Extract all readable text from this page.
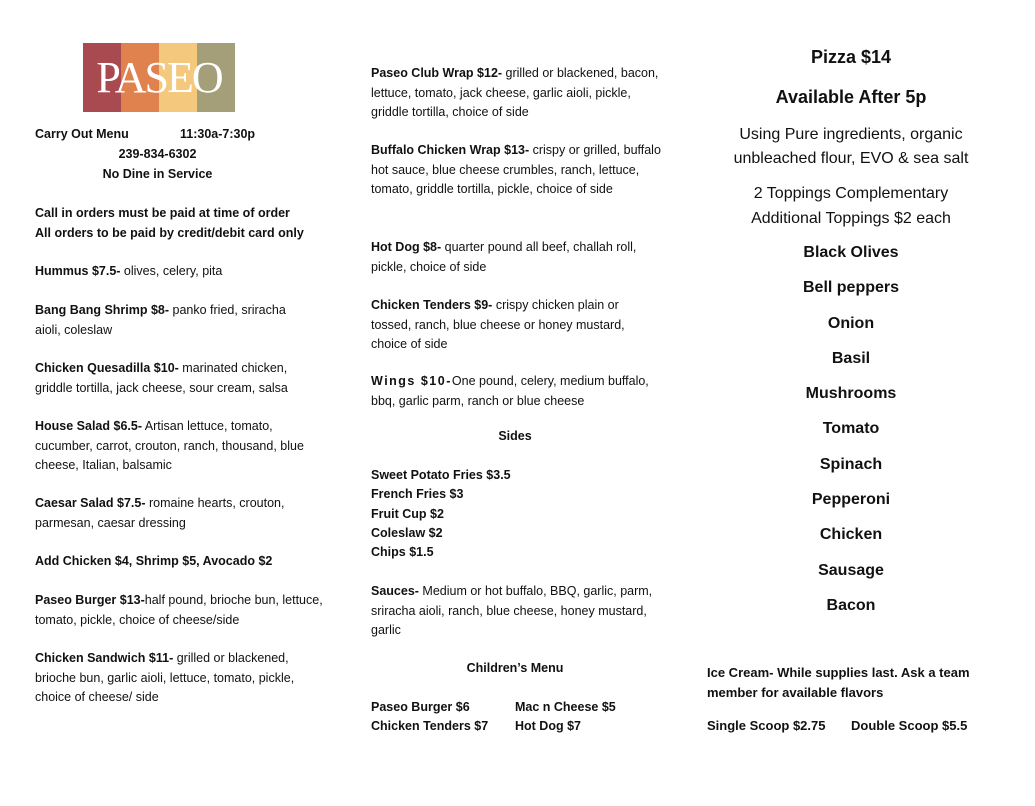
PASEO
Carry Out Menu	11:30a-7:30p
239-834-6302
No Dine in Service
Call in orders must be paid at time of order
All orders to be paid by credit/debit card only
Hummus $7.5- olives, celery, pita
Bang Bang Shrimp $8- panko fried, sriracha aioli, coleslaw
Chicken Quesadilla $10- marinated chicken, griddle tortilla, jack cheese, sour cream, salsa
House Salad $6.5- Artisan lettuce, tomato, cucumber, carrot, crouton, ranch, thousand, blue cheese, Italian, balsamic
Caesar Salad $7.5- romaine hearts, crouton, parmesan, caesar dressing
Add Chicken $4, Shrimp $5, Avocado $2
Paseo Burger $13-half pound, brioche bun, lettuce, tomato, pickle, choice of cheese/side
Chicken Sandwich $11- grilled or blackened, brioche bun, garlic aioli, lettuce, tomato, pickle, choice of cheese/ side
Paseo Club Wrap $12- grilled or blackened, bacon, lettuce, tomato, jack cheese, garlic aioli, pickle, griddle tortilla, choice of side
Buffalo Chicken Wrap $13- crispy or grilled, buffalo hot sauce, blue cheese crumbles, ranch, lettuce, tomato, griddle tortilla, pickle, choice of side
Hot Dog $8- quarter pound all beef, challah roll, pickle, choice of side
Chicken Tenders $9- crispy chicken plain or tossed, ranch, blue cheese or honey mustard, choice of side
Wings $10-One pound, celery, medium buffalo, bbq, garlic parm, ranch or blue cheese
Sides
Sweet Potato Fries $3.5
French Fries $3
Fruit Cup $2
Coleslaw $2
Chips $1.5
Sauces- Medium or hot buffalo, BBQ, garlic, parm, sriracha aioli, ranch, blue cheese, honey mustard, garlic
Children’s Menu
Paseo Burger $6	Mac n Cheese $5
Chicken Tenders $7 Hot Dog $7
Pizza $14
Available After 5p
Using Pure ingredients, organic
unbleached flour, EVO & sea salt
2 Toppings Complementary
Additional Toppings $2 each
Black Olives
Bell peppers
Onion
Basil
Mushrooms
Tomato
Spinach
Pepperoni
Chicken
Sausage
Bacon
Ice Cream- While supplies last. Ask a team
member for available flavors
Single Scoop $2.75 Double Scoop $5.5
